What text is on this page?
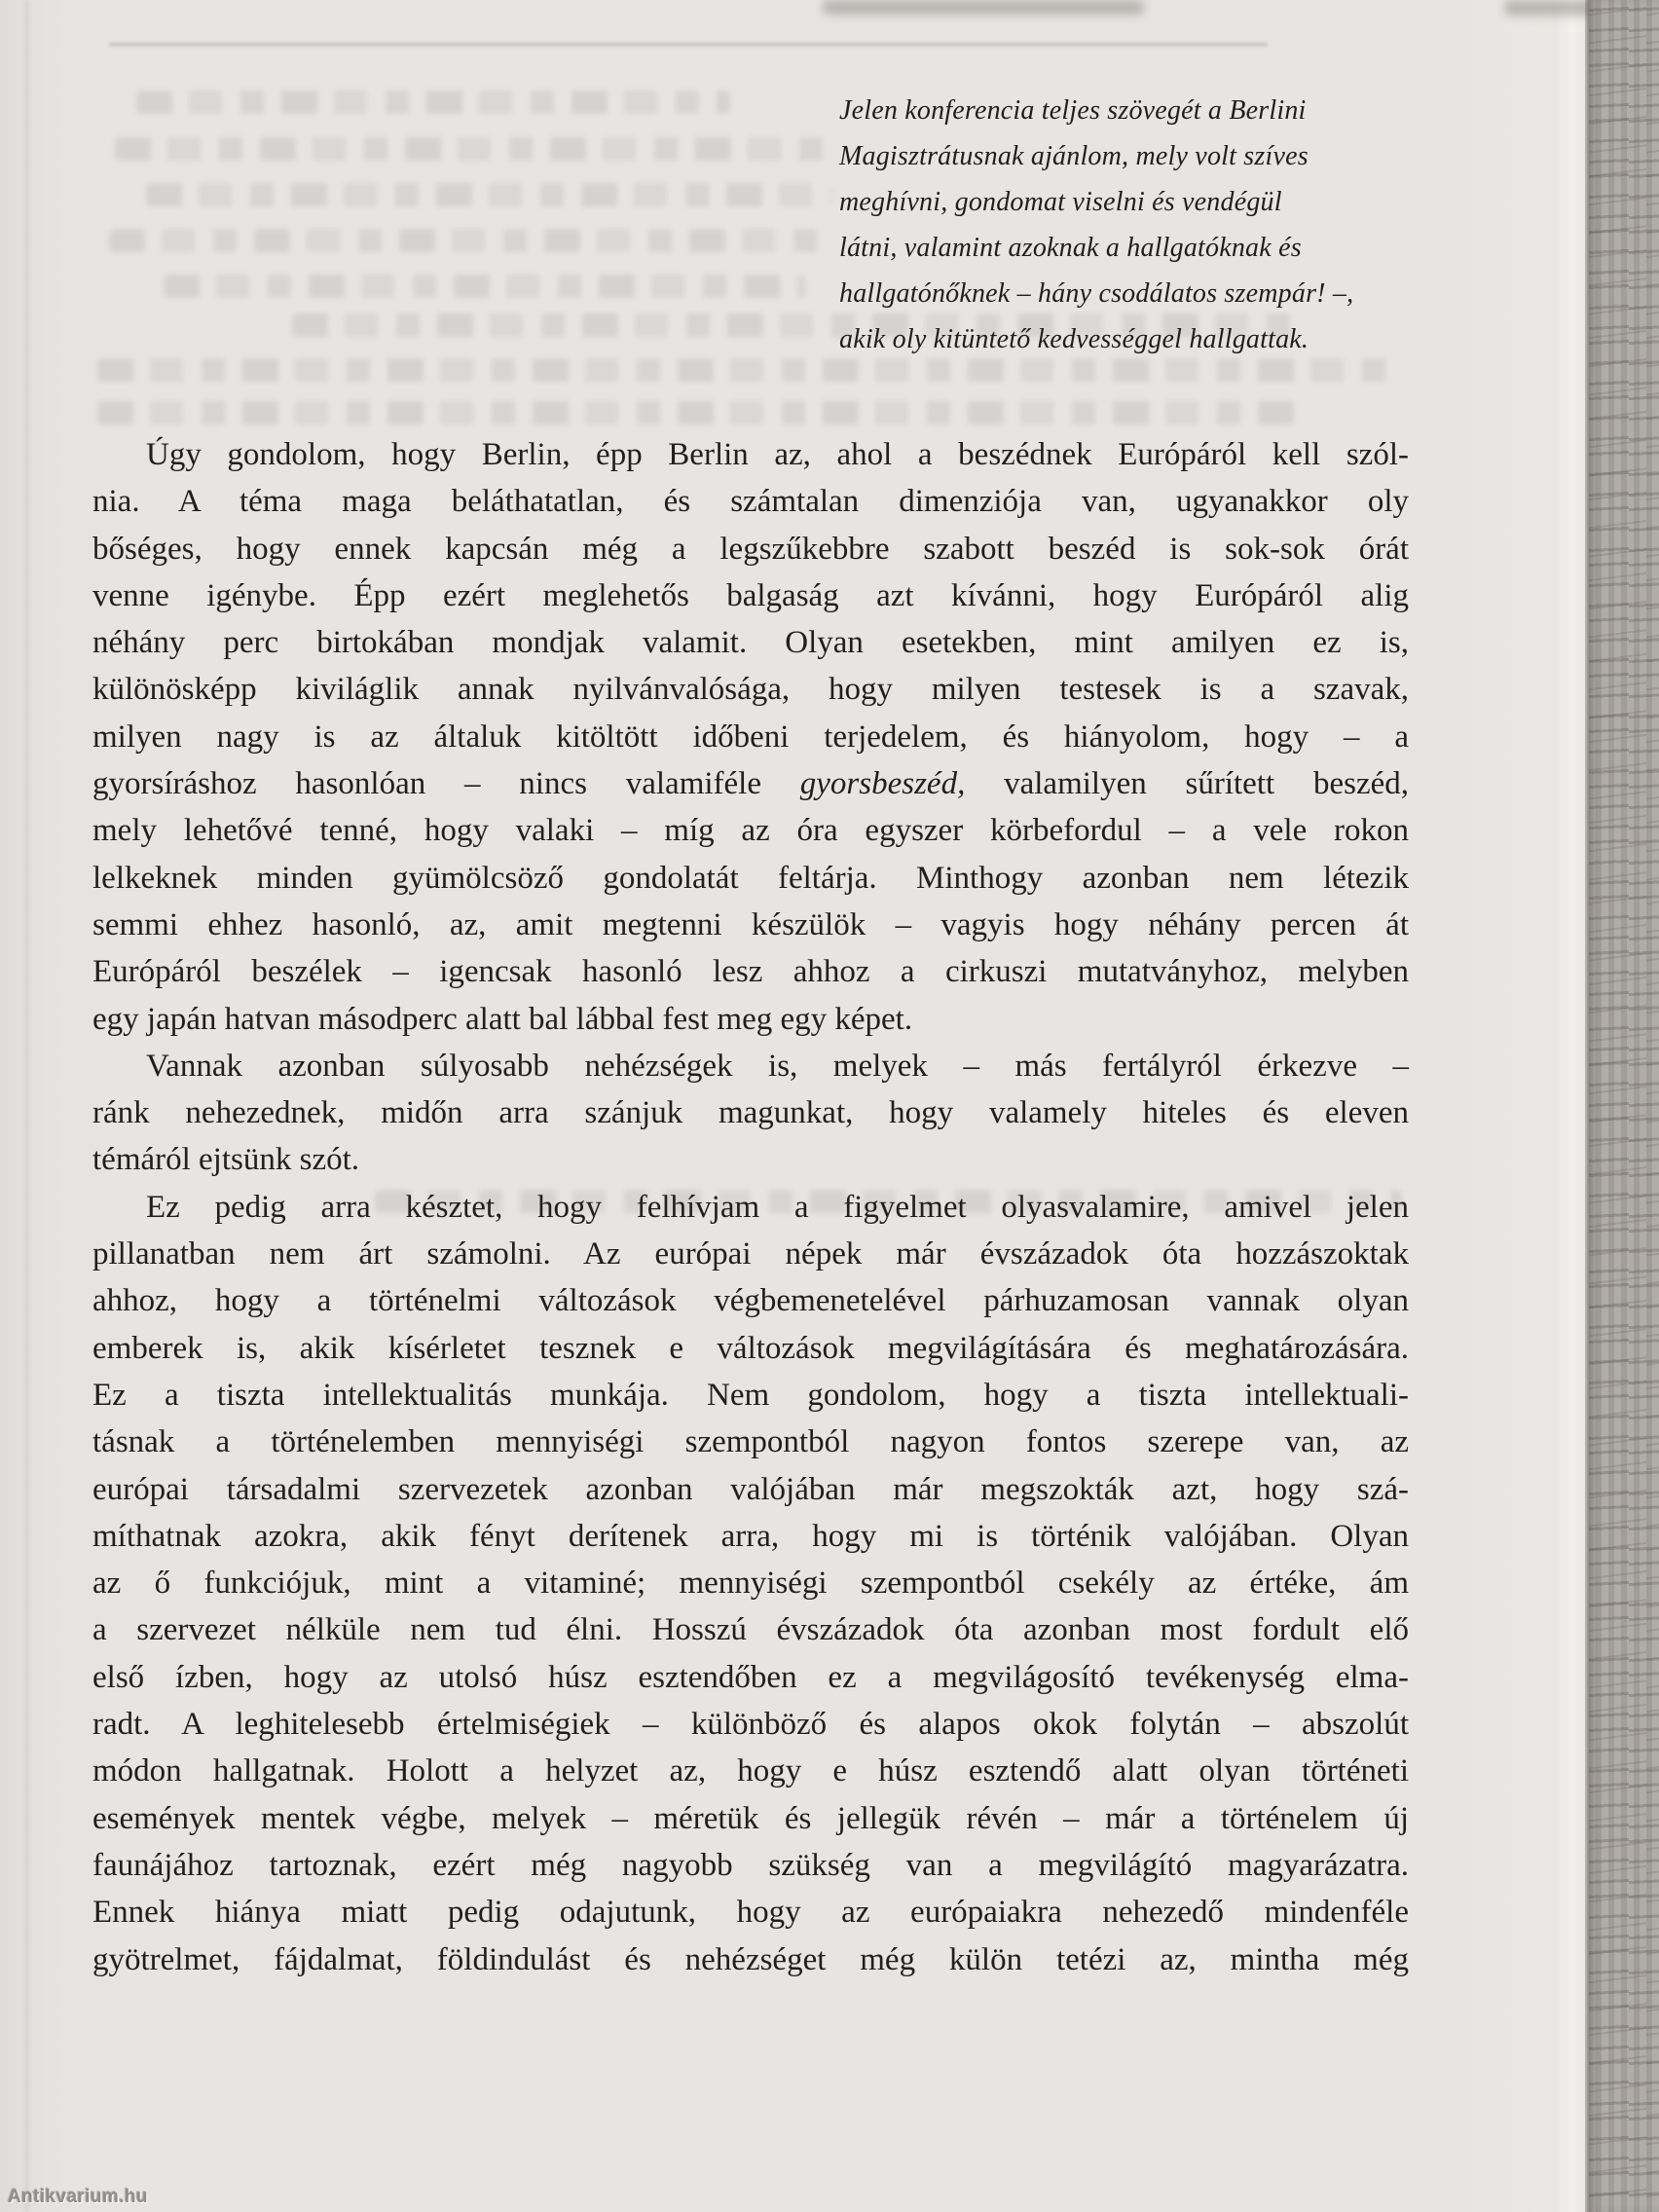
Jelen konferencia teljes szövegét a Berlini
Magisztrátusnak ajánlom, mely volt szíves
meghívni, gondomat viselni és vendégül
látni, valamint azoknak a hallgatóknak és
hallgatónőknek – hány csodálatos szempár! –,
akik oly kitüntető kedvességgel hallgattak.
Úgy gondolom, hogy Berlin, épp Berlin az, ahol a beszédnek Európáról kell szól-
nia. A téma maga beláthatatlan, és számtalan dimenziója van, ugyanakkor oly
bőséges, hogy ennek kapcsán még a legszűkebbre szabott beszéd is sok-sok órát
venne igénybe. Épp ezért meglehetős balgaság azt kívánni, hogy Európáról alig
néhány perc birtokában mondjak valamit. Olyan esetekben, mint amilyen ez is,
különösképp kiviláglik annak nyilvánvalósága, hogy milyen testesek is a szavak,
milyen nagy is az általuk kitöltött időbeni terjedelem, és hiányolom, hogy – a
gyorsíráshoz hasonlóan – nincs valamiféle gyorsbeszéd, valamilyen sűrített beszéd,
mely lehetővé tenné, hogy valaki – míg az óra egyszer körbefordul – a vele rokon
lelkeknek minden gyümölcsöző gondolatát feltárja. Minthogy azonban nem létezik
semmi ehhez hasonló, az, amit megtenni készülök – vagyis hogy néhány percen át
Európáról beszélek – igencsak hasonló lesz ahhoz a cirkuszi mutatványhoz, melyben
egy japán hatvan másodperc alatt bal lábbal fest meg egy képet.
Vannak azonban súlyosabb nehézségek is, melyek – más fertályról érkezve –
ránk nehezednek, midőn arra szánjuk magunkat, hogy valamely hiteles és eleven
témáról ejtsünk szót.
Ez pedig arra késztet, hogy felhívjam a figyelmet olyasvalamire, amivel jelen
pillanatban nem árt számolni. Az európai népek már évszázadok óta hozzászoktak
ahhoz, hogy a történelmi változások végbemenetelével párhuzamosan vannak olyan
emberek is, akik kísérletet tesznek e változások megvilágítására és meghatározására.
Ez a tiszta intellektualitás munkája. Nem gondolom, hogy a tiszta intellektuali-
tásnak a történelemben mennyiségi szempontból nagyon fontos szerepe van, az
európai társadalmi szervezetek azonban valójában már megszokták azt, hogy szá-
míthatnak azokra, akik fényt derítenek arra, hogy mi is történik valójában. Olyan
az ő funkciójuk, mint a vitaminé; mennyiségi szempontból csekély az értéke, ám
a szervezet nélküle nem tud élni. Hosszú évszázadok óta azonban most fordult elő
első ízben, hogy az utolsó húsz esztendőben ez a megvilágosító tevékenység elma-
radt. A leghitelesebb értelmiségiek – különböző és alapos okok folytán – abszolút
módon hallgatnak. Holott a helyzet az, hogy e húsz esztendő alatt olyan történeti
események mentek végbe, melyek – méretük és jellegük révén – már a történelem új
faunájához tartoznak, ezért még nagyobb szükség van a megvilágító magyarázatra.
Ennek hiánya miatt pedig odajutunk, hogy az európaiakra nehezedő mindenféle
gyötrelmet, fájdalmat, földindulást és nehézséget még külön tetézi az, mintha még
Antikvarium.hu
